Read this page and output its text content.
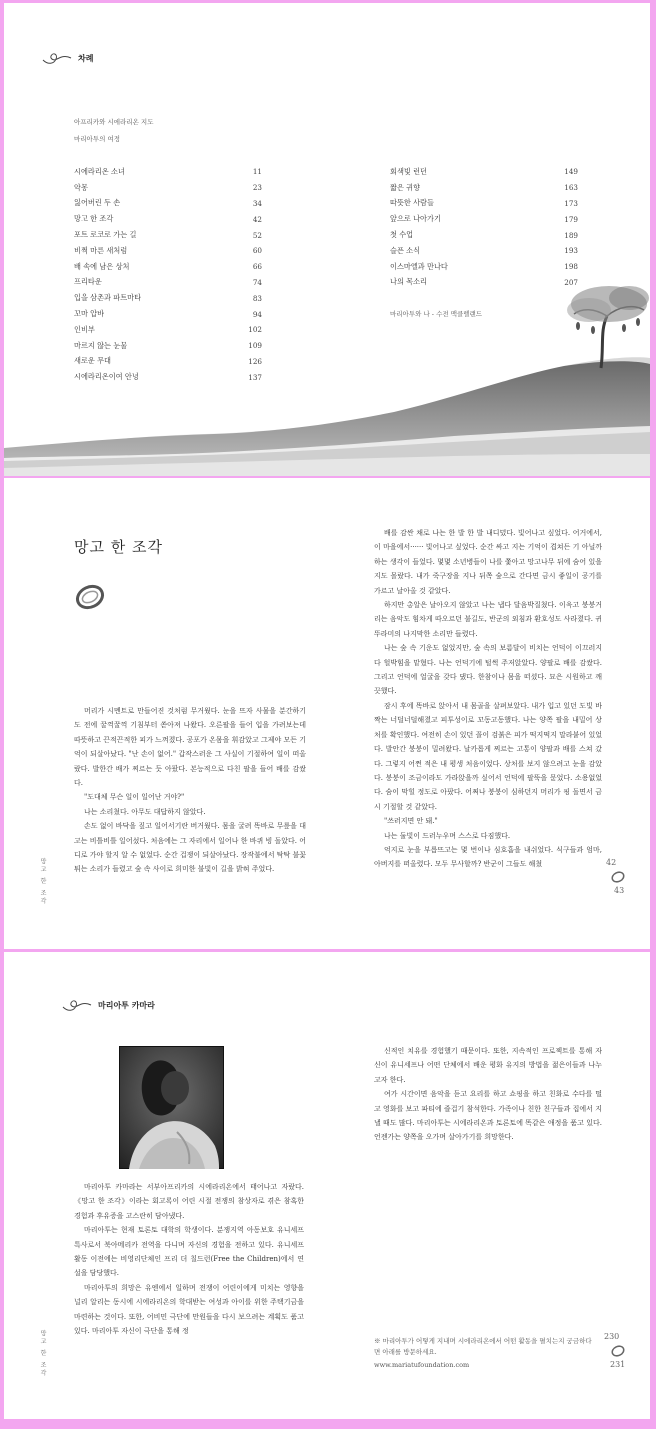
차례
아프리카와 시에라리온 지도
마리아투의 여정
시에라리온 소녀	11
악몽	23
잃어버린 두 손	34
망고 한 조각	42
포트 로코로 가는 길	52
비쩍 마른 새처럼	60
배 속에 남은 상처	66
프리타운	74
입을 삼촌과 파트마타	83
꼬마 압바	94
인비부	102
마르지 않는 눈물	109
새로운 무대	126
시에라리온이여 안녕	137
회색빛 런던	149
짧은 귀향	163
따뜻한 사람들	173
앞으로 나아가기	179
첫 수업	189
슬픈 소식	193
이스마엘과 만나다	198
나의 목소리	207
마리아투와 나 - 수전 맥클렐랜드
망고 한 조각

머리가 시멘트로 만들어진 것처럼 무거웠다. 눈을 뜨자 사물을 분간하기도 전에 꿀꺽꿀꺽 기침부터 쏟아져 나왔다. 오른팔을 들어 입을 가려보는데 따뜻하고 끈적끈적한 피가 느껴졌다. 공포가 온몸을 휘감았고 그제야 모든 기억이 되살아났다. "난 손이 없어." 갑작스러운 그 사실이 기절하여 일이 떠올랐다. 발한간 배가 찌르는 듯 아팠다. 본능적으로 다친 팔을 들어 배를 감쌌다.

"도대체 무슨 일이 일어난 거야?"

나는 소리쳤다. 아무도 대답하지 않았다.

손도 없이 바닥을 짚고 일어서기란 버거웠다. 몸을 굴려 똑바로 무릎을 대고는 비틀비틀 일어섰다. 처음에는 그 자리에서 일어나 한 바퀴 빙 돌았다. 어디로 가야 할지 알 수 없었다. 순간 겁쟁이 되살아났다. 장작불에서 탁탁 불꽃 튀는 소리가 들렸고 숲 속 사이로 희미한 불빛이 길을 밝혀 주었다.

배를 감싼 채로 나는 한 발 한 발 내디뎠다. 빛어나고 싶었다. 어거에서, 이 마을에서······ 빛어나고 싶었다. 순간 싸고 지는 기억이 겹쳐든 기 아닐까 하는 생각이 들었다. 몇몇 소년병들이 나를 쫓아고 망고나무 뒤에 숨어 있을지도 몰랐다. 내가 죽구장을 지나 뒤쪽 숲으로 간다면 금시 좋일이 공기를 가르고 날아올 것 같았다.

하지만 총알은 날아오지 않았고 나는 냅다 달음박질쳤다. 이윽고 붕붕거리는 음악도 힘차게 따오르던 불길도, 반군의 외침과 환호성도 사라졌다. 귀뚜라미의 나지막한 소리만 들렸다.

나는 숲 속 기운도 없었지만, 숲 속의 보름달이 비치는 언덕이 이끄러지다 헐박힘을 맡혔다. 나는 언덕기에 털썩 주저앉았다. 양팔로 배를 감쌌다. 그리고 언덕에 얼굴을 갖다 댔다. 한참이나 몸을 떠셨다. 묘은 시원하고 깨끗했다.

잠시 후에 똑바로 앉아서 내 몸골을 살펴보았다. 내가 입고 있던 도빛 바짝는 너덜너덜해졌고 피투성이로 꼬동고동했다. 나는 양쪽 팔을 내밀어 상처를 확인했다. 여전히 손이 있던 꼴이 검붉은 피가 떡지떡지 말라붙어 있었다. 발안간 붕붕이 밀려왔다. 날카롭게 찌르는 고통이 양팔과 배를 스쳐 갔다. 그렇지 어쩐 적은 내 평생 처음이었다. 상처를 보지 않으려고 눈을 감았다. 붕붕이 조금이라도 가라앉을까 싶어서 언덕에 팔뚝을 묻었다. 소용없었다. 숨이 막힐 정도로 아팠다. 어쩌나 붕붕이 심하던지 머리가 핑 돌면서 금시 기절할 것 같았다.

"쓰러지면 안 돼."

나는 둘빛이 드러누우며 스스로 다짐했다.

억지로 눈을 부릅뜨고는 몇 번이나 심호흡을 내쉬었다. 식구들과 엄마, 아버지를 떠올렸다. 모두 무사할까? 반군이 그들도 해쳤

망고 한 조각	42
43
마리아투 카마라

마리아투 카마라는 서부아프리카의 시에라리온에서 태어나고 자랐다. 《망고 한 조각》이라는 회고록이 어린 시절 전쟁의 참상자로 겪은 참혹한 경험과 후유증을 고스란히 담아냈다.

마리아투는 현재 토론토 대학의 학생이다. 분쟁지역 아동보호 유니세프 특사로서 북아메리카 전역을 다니며 자신의 경험을 전하고 있다. 유니세프 활동 이전에는 비영리단체인 프리 더 칠드런(Free the Children)에서 연설을 담당했다.

마리아투의 희망은 유엔에서 일하며 전쟁이 어린이에게 미치는 영향을 널리 알리는 동시에 시에라리온의 학대받는 여성과 아이를 위한 주택기금을 마련하는 것이다. 또한, 어비민 극단에 만원들을 다시 보으려는 계획도 품고 있다. 마리아투 자신이 극단을 통해 정

신적인 치유를 경험했기 때문이다. 또한, 지속적인 프로젝트를 통해 자신이 유니세프나 어떤 단체에서 배운 평화 유지의 방법을 젊은이들과 나누고자 한다.

여가 시간이면 음악을 듣고 요리를 하고 쇼핑을 하고 친화로 수다를 떨고 영화를 보고 파티에 즐겁기 참석한다. 가족이나 친한 친구들과 집에서 지낼 때도 많다. 마리아투는 시에라리온과 토론토에 똑같은 애정을 품고 있다. 언젠가는 양쪽을 오가며 살아가기를 희망한다.

※ 마리아투가 어떻게 지내며 시에라리온에서 어떤 활동을 펼치는지 궁금하다면 아래를 방문하세요.
www.mariatufoundation.com
망고 한 조각	230
231
